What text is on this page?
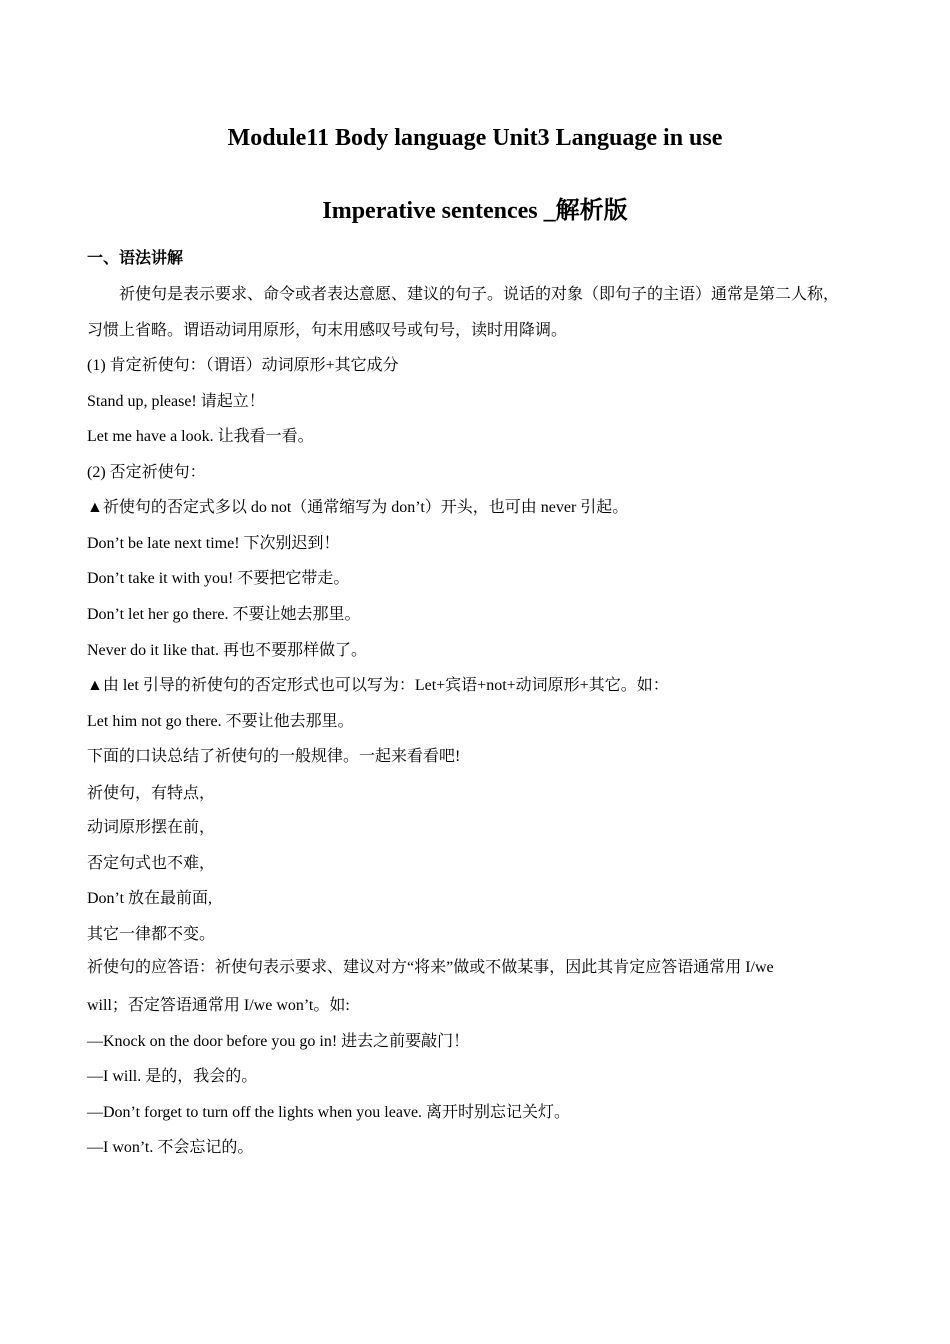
Module11 Body language Unit3 Language in use
Imperative sentences _解析版
一、语法讲解
祈使句是表示要求、命令或者表达意愿、建议的句子。说话的对象（即句子的主语）通常是第二人称，
习惯上省略。谓语动词用原形，句末用感叹号或句号，读时用降调。
(1) 肯定祈使句：（谓语）动词原形+其它成分
Stand up, please! 请起立！
Let me have a look. 让我看一看。
(2) 否定祈使句：
▲祈使句的否定式多以 do not（通常缩写为 don’t）开头，也可由 never 引起。
Don’t be late next time! 下次别迟到！
Don’t take it with you! 不要把它带走。
Don’t let her go there. 不要让她去那里。
Never do it like that. 再也不要那样做了。
▲由 let 引导的祈使句的否定形式也可以写为：Let+宾语+not+动词原形+其它。如：
Let him not go there. 不要让他去那里。
下面的口诀总结了祈使句的一般规律。一起来看看吧!
祈使句，有特点，
动词原形摆在前，
否定句式也不难，
Don’t 放在最前面,
其它一律都不变。
祈使句的应答语：祈使句表示要求、建议对方“将来”做或不做某事，因此其肯定应答语通常用 I/we
will；否定答语通常用 I/we won’t。如:
—Knock on the door before you go in! 进去之前要敲门！
—I will. 是的，我会的。
—Don’t forget to turn off the lights when you leave. 离开时别忘记关灯。
—I won’t. 不会忘记的。
